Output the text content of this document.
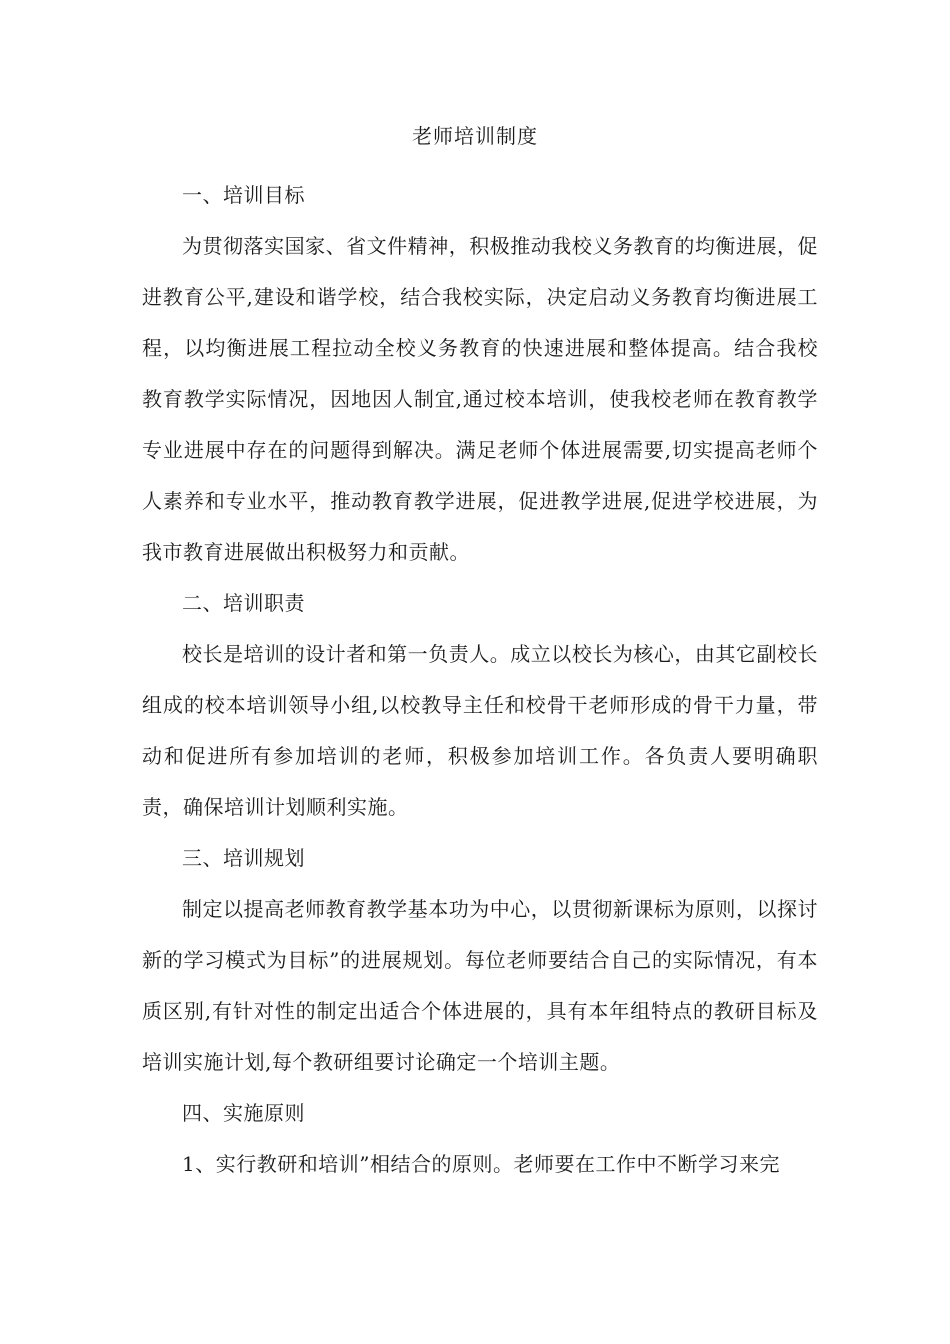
老师培训制度

一、培训目标

为贯彻落实国家、省文件精神，积极推动我校义务教育的均衡进展，促进教育公平,建设和谐学校，结合我校实际，决定启动义务教育均衡进展工程，以均衡进展工程拉动全校义务教育的快速进展和整体提高。结合我校教育教学实际情况，因地因人制宜,通过校本培训，使我校老师在教育教学专业进展中存在的问题得到解决。满足老师个体进展需要,切实提高老师个人素养和专业水平，推动教育教学进展，促进教学进展,促进学校进展，为我市教育进展做出积极努力和贡献。

二、培训职责

校长是培训的设计者和第一负责人。成立以校长为核心，由其它副校长组成的校本培训领导小组,以校教导主任和校骨干老师形成的骨干力量，带动和促进所有参加培训的老师，积极参加培训工作。各负责人要明确职责，确保培训计划顺利实施。

三、培训规划

制定以提高老师教育教学基本功为中心，以贯彻新课标为原则，以探讨新的学习模式为目标”的进展规划。每位老师要结合自己的实际情况，有本质区别,有针对性的制定出适合个体进展的，具有本年组特点的教研目标及培训实施计划,每个教研组要讨论确定一个培训主题。

四、实施原则

1、实行教研和培训”相结合的原则。老师要在工作中不断学习来完
